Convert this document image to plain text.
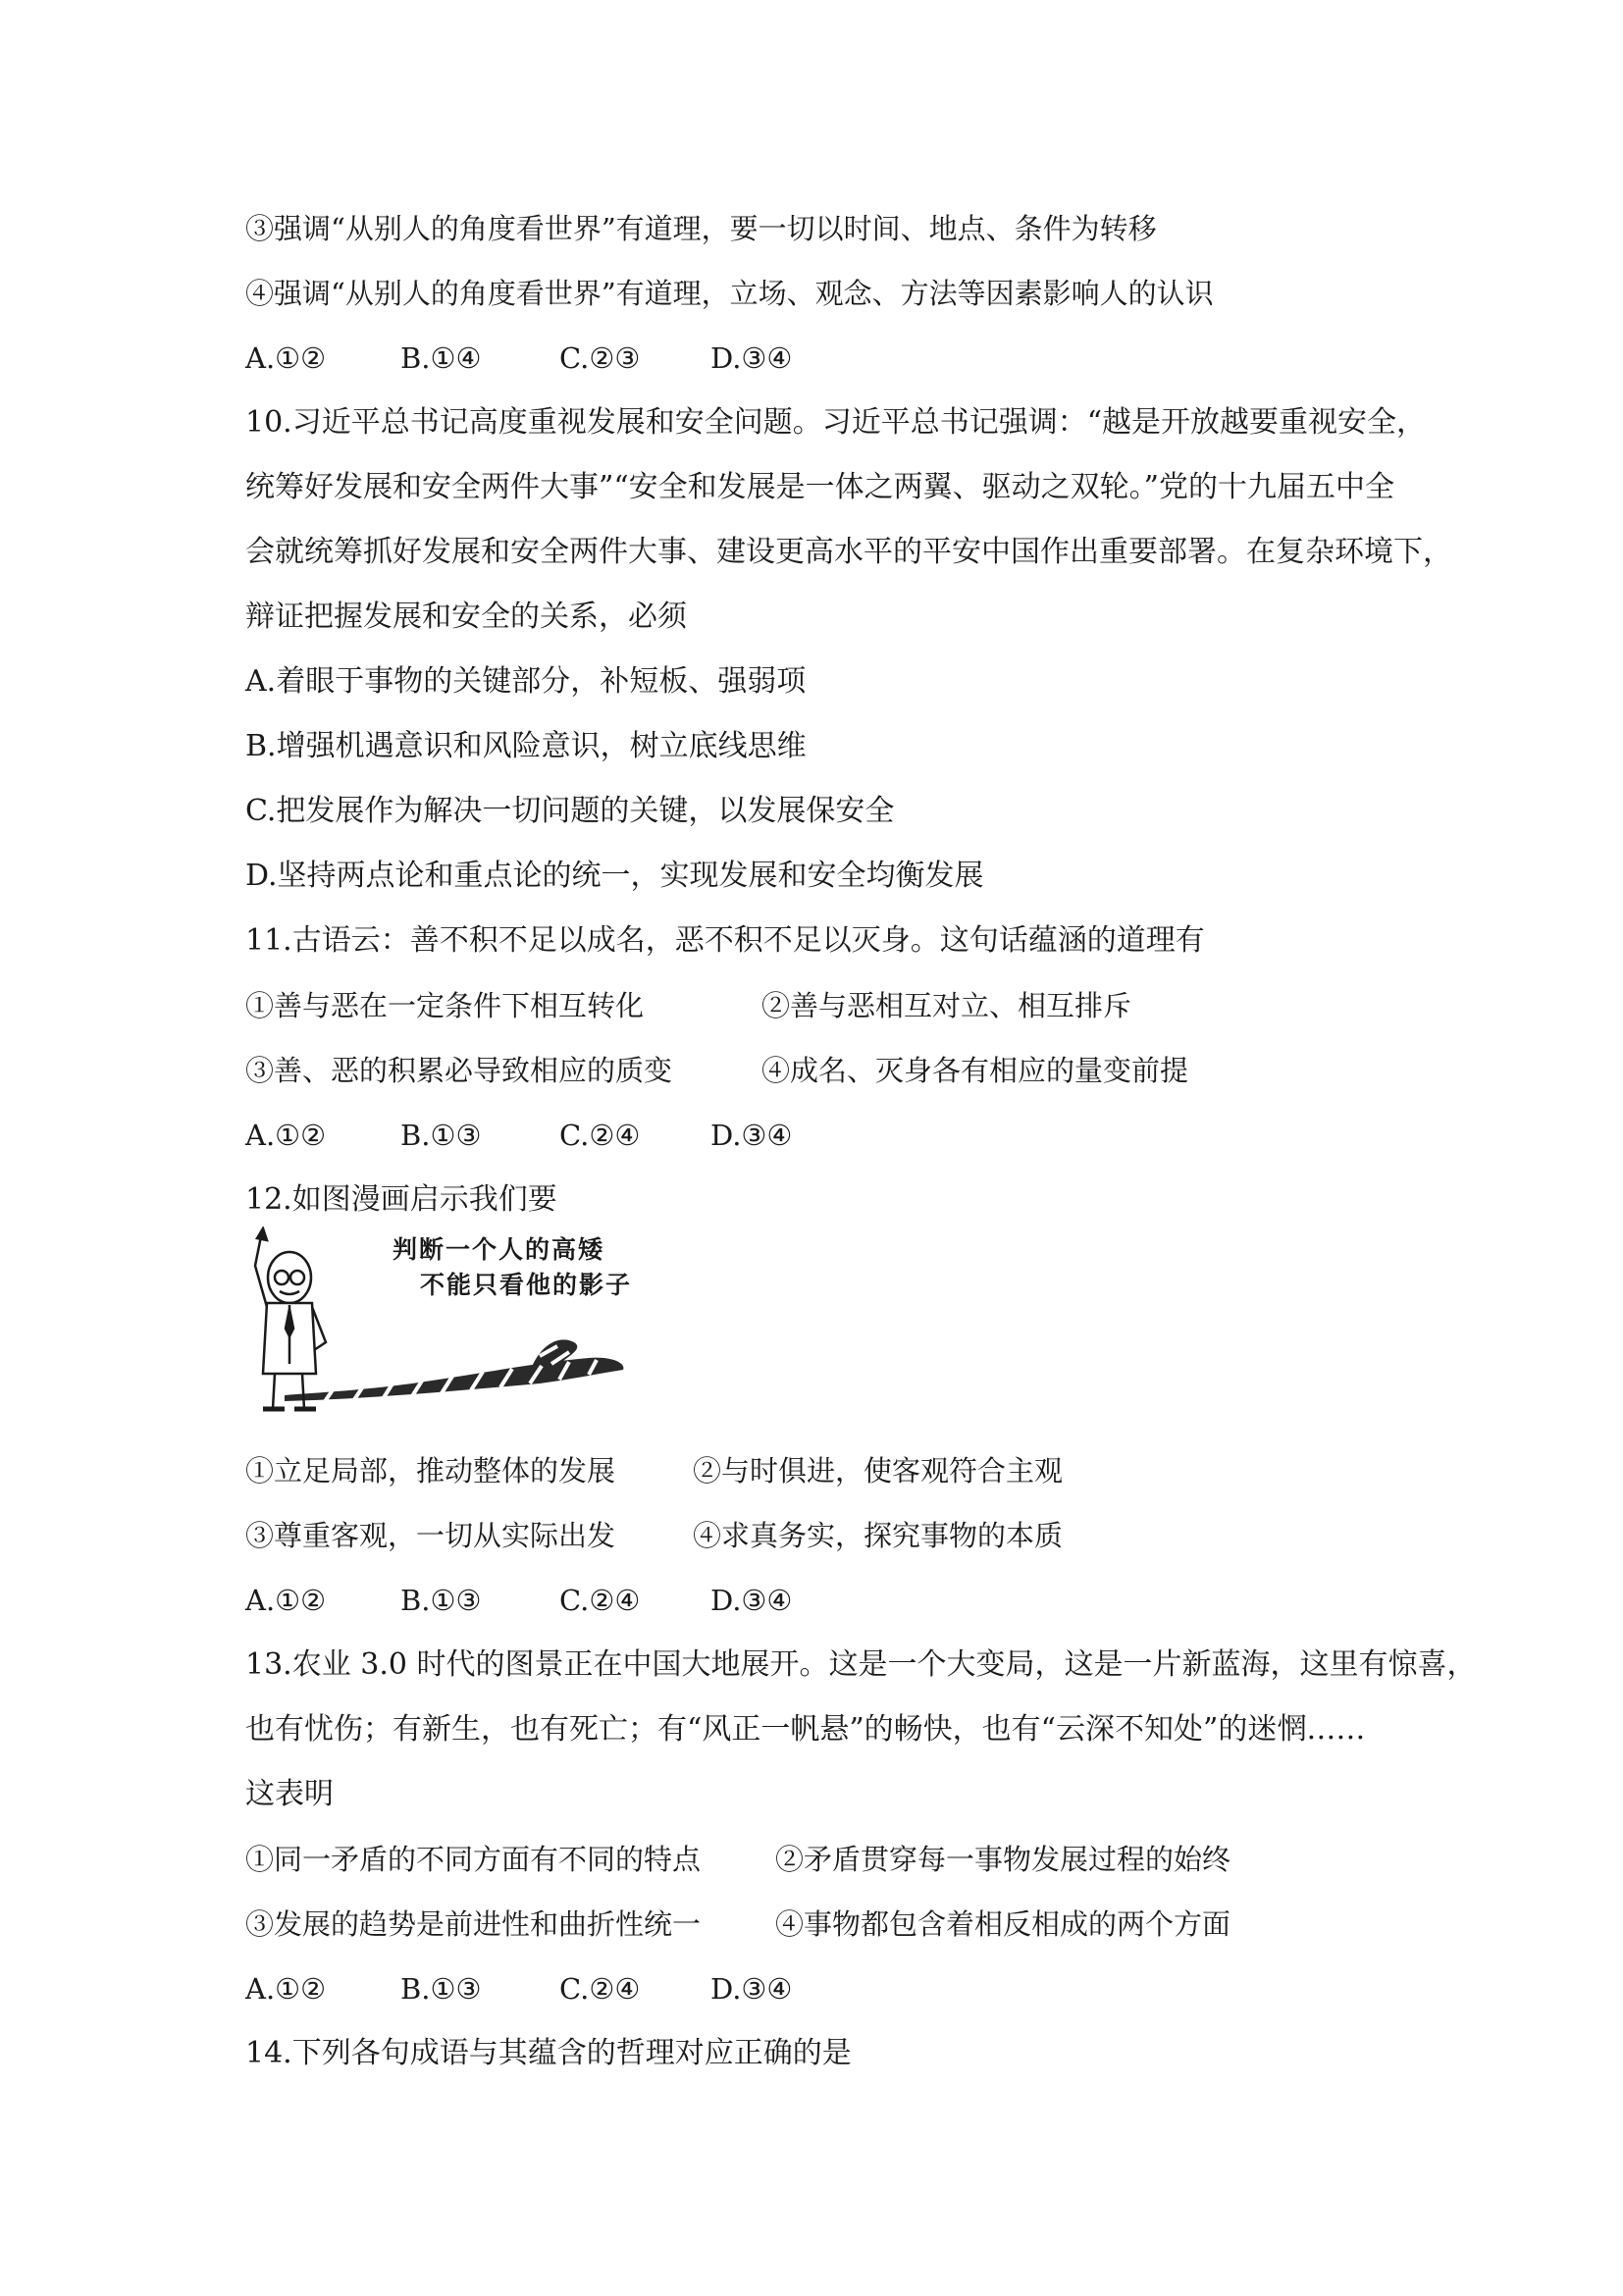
③强调“从别人的角度看世界”有道理，要一切以时间、地点、条件为转移
④强调“从别人的角度看世界”有道理，立场、观念、方法等因素影响人的认识
A.①②	B.①④	C.②③ D.③④
10.习近平总书记高度重视发展和安全问题。习近平总书记强调：“越是开放越要重视安全，
统筹好发展和安全两件大事”“安全和发展是一体之两翼、驱动之双轮。”党的十九届五中全
会就统筹抓好发展和安全两件大事、建设更高水平的平安中国作出重要部署。在复杂环境下，
辩证把握发展和安全的关系，必须
A.着眼于事物的关键部分，补短板、强弱项
B.增强机遇意识和风险意识，树立底线思维
C.把发展作为解决一切问题的关键，以发展保安全
D.坚持两点论和重点论的统一，实现发展和安全均衡发展
11.古语云：善不积不足以成名，恶不积不足以灭身。这句话蕴涵的道理有
①善与恶在一定条件下相互转化	②善与恶相互对立、相互排斥
③善、恶的积累必导致相应的质变	④成名、灭身各有相应的量变前提
A.①②	B.①③	C.②④ D.③④
12.如图漫画启示我们要
判断一个人的高矮
不能只看他的影子
①立足局部，推动整体的发展	②与时俱进，使客观符合主观
③尊重客观，一切从实际出发	④求真务实，探究事物的本质
A.①②	B.①③	C.②④ D.③④
13.农业 3.0 时代的图景正在中国大地展开。这是一个大变局，这是一片新蓝海，这里有惊喜，
也有忧伤；有新生，也有死亡；有“风正一帆悬”的畅快，也有“云深不知处”的迷惘……
这表明
①同一矛盾的不同方面有不同的特点	②矛盾贯穿每一事物发展过程的始终
③发展的趋势是前进性和曲折性统一	④事物都包含着相反相成的两个方面
A.①②	B.①③	C.②④ D.③④
14.下列各句成语与其蕴含的哲理对应正确的是
